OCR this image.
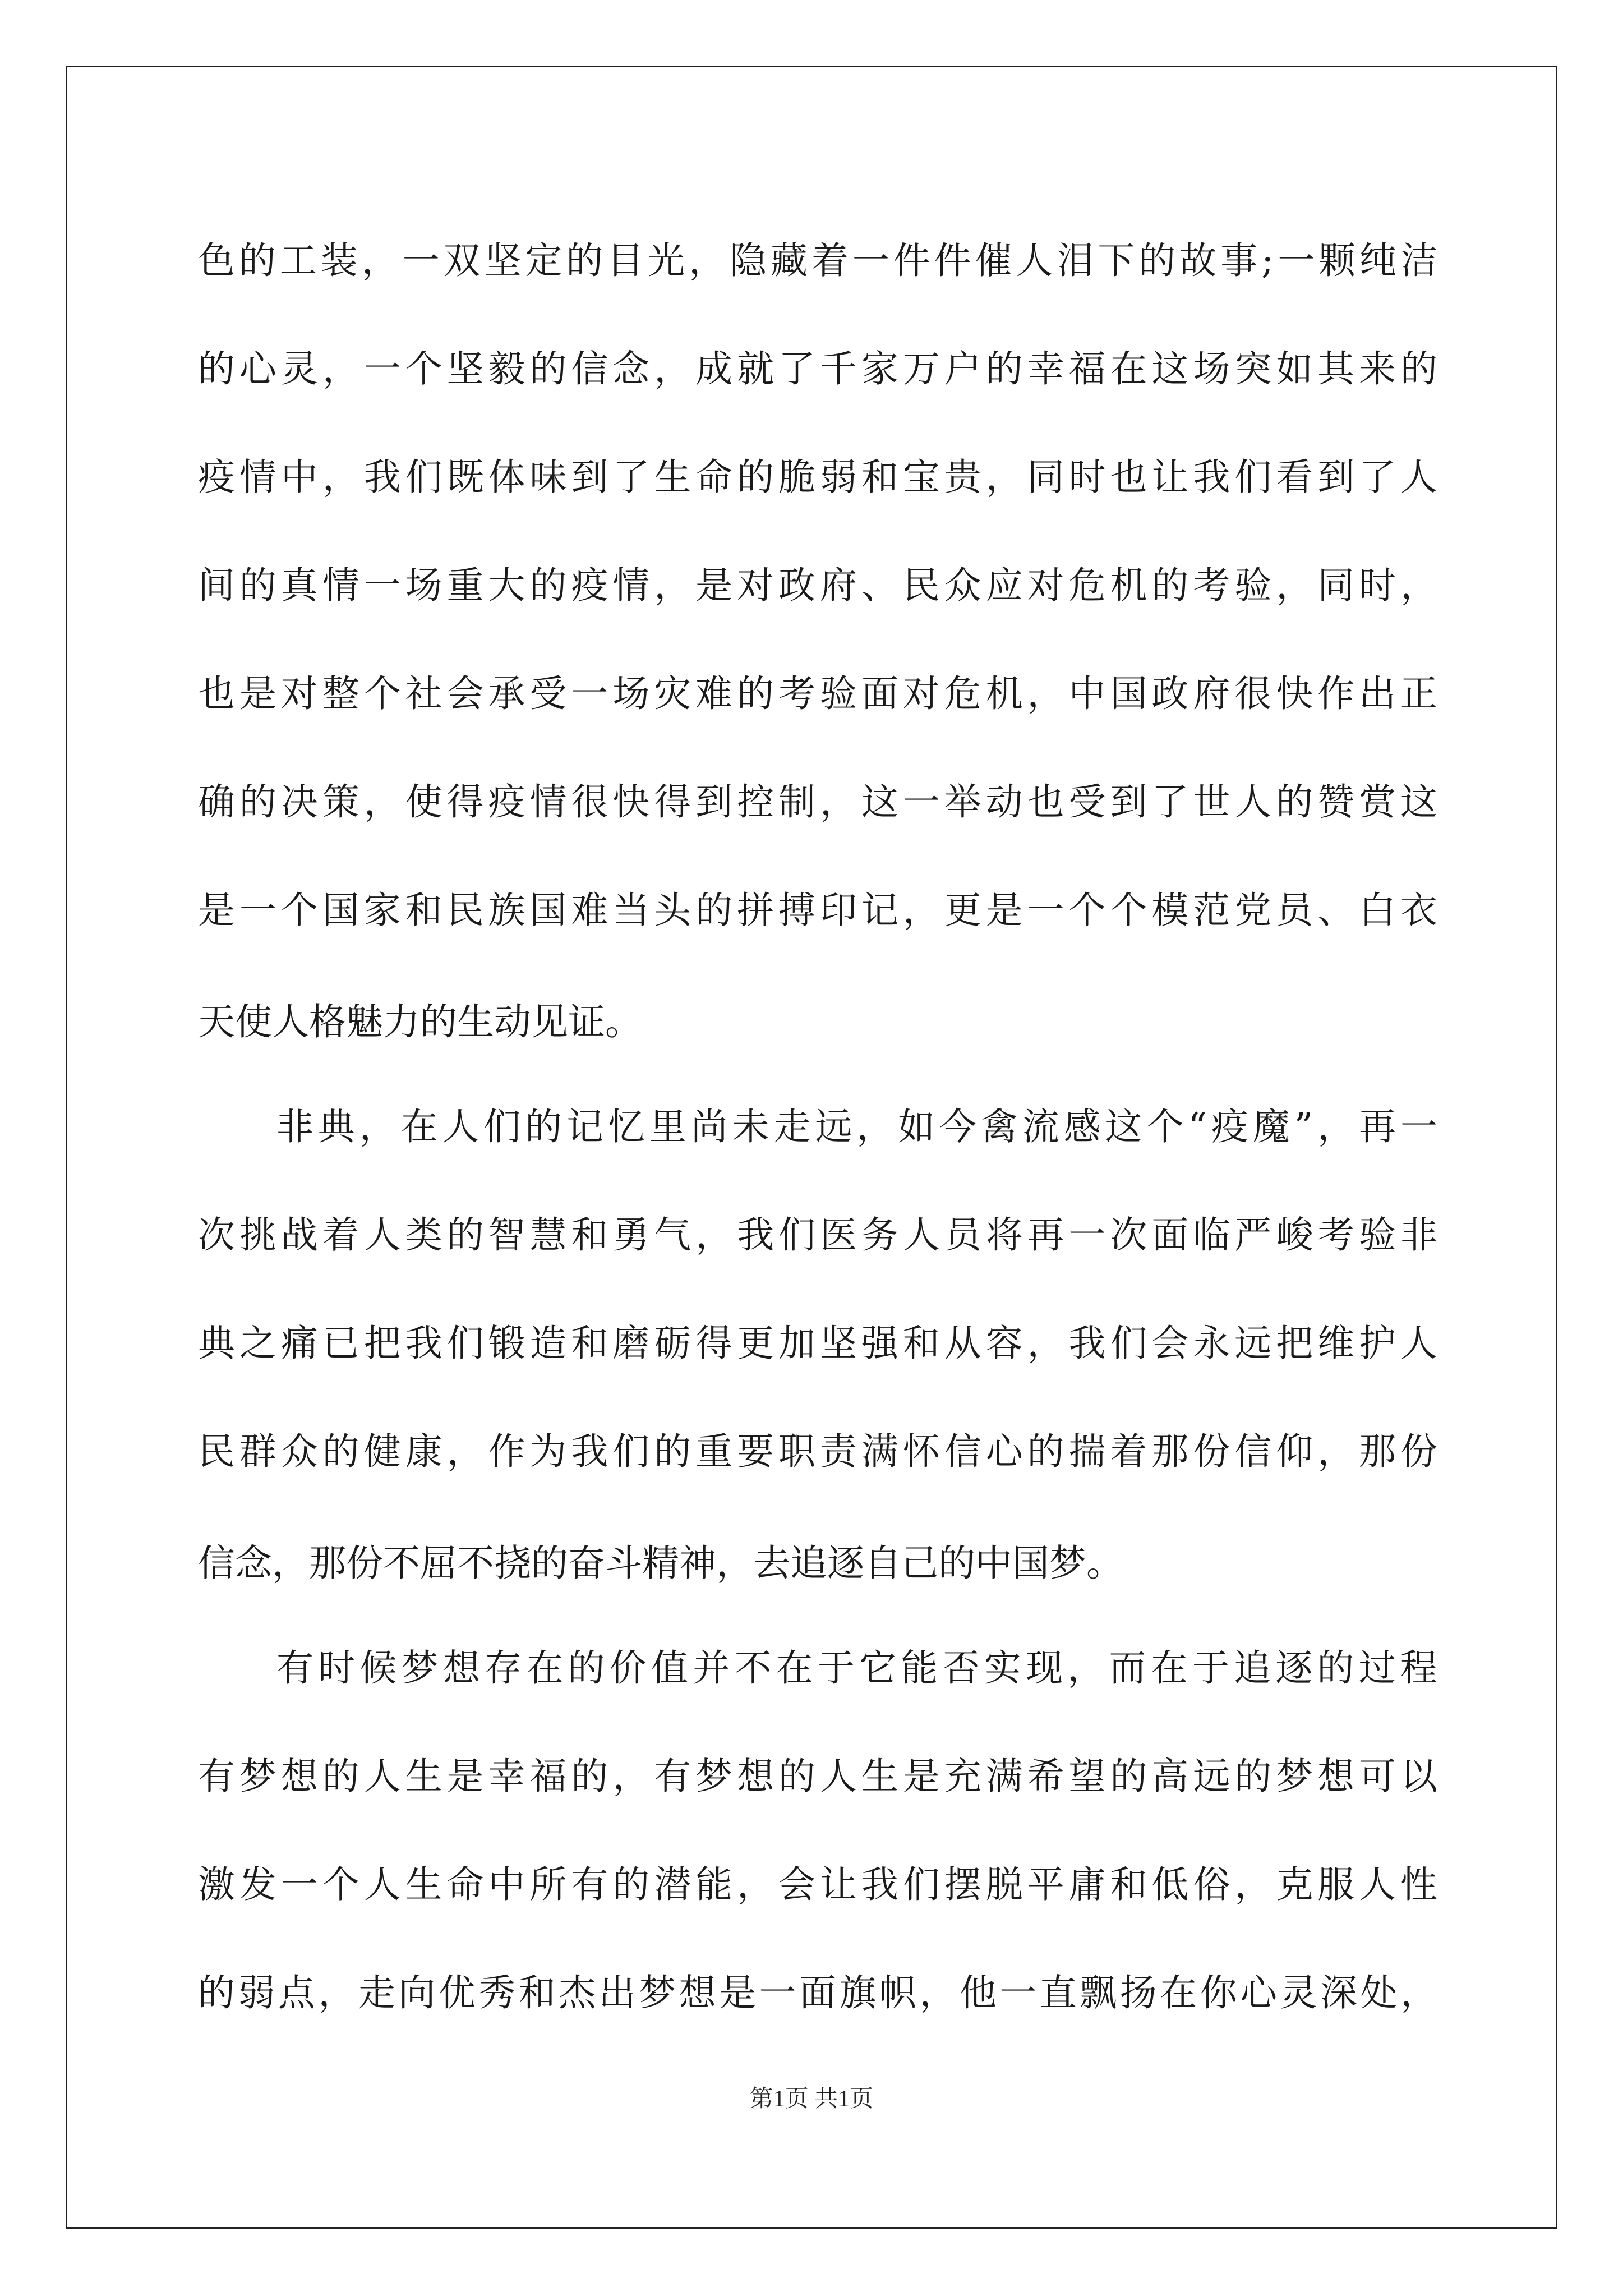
色的工装，一双坚定的目光，隐藏着一件件催人泪下的故事;一颗纯洁
的心灵，一个坚毅的信念，成就了千家万户的幸福在这场突如其来的
疫情中，我们既体味到了生命的脆弱和宝贵，同时也让我们看到了人
间的真情一场重大的疫情，是对政府、民众应对危机的考验，同时，
也是对整个社会承受一场灾难的考验面对危机，中国政府很快作出正
确的决策，使得疫情很快得到控制，这一举动也受到了世人的赞赏这
是一个国家和民族国难当头的拼搏印记，更是一个个模范党员、白衣
天使人格魅力的生动见证。
非典，在人们的记忆里尚未走远，如今禽流感这个“疫魔”，再一
次挑战着人类的智慧和勇气，我们医务人员将再一次面临严峻考验非
典之痛已把我们锻造和磨砺得更加坚强和从容，我们会永远把维护人
民群众的健康，作为我们的重要职责满怀信心的揣着那份信仰，那份
信念，那份不屈不挠的奋斗精神，去追逐自己的中国梦。
有时候梦想存在的价值并不在于它能否实现，而在于追逐的过程
有梦想的人生是幸福的，有梦想的人生是充满希望的高远的梦想可以
激发一个人生命中所有的潜能，会让我们摆脱平庸和低俗，克服人性
的弱点，走向优秀和杰出梦想是一面旗帜，他一直飘扬在你心灵深处，
第1页 共1页
